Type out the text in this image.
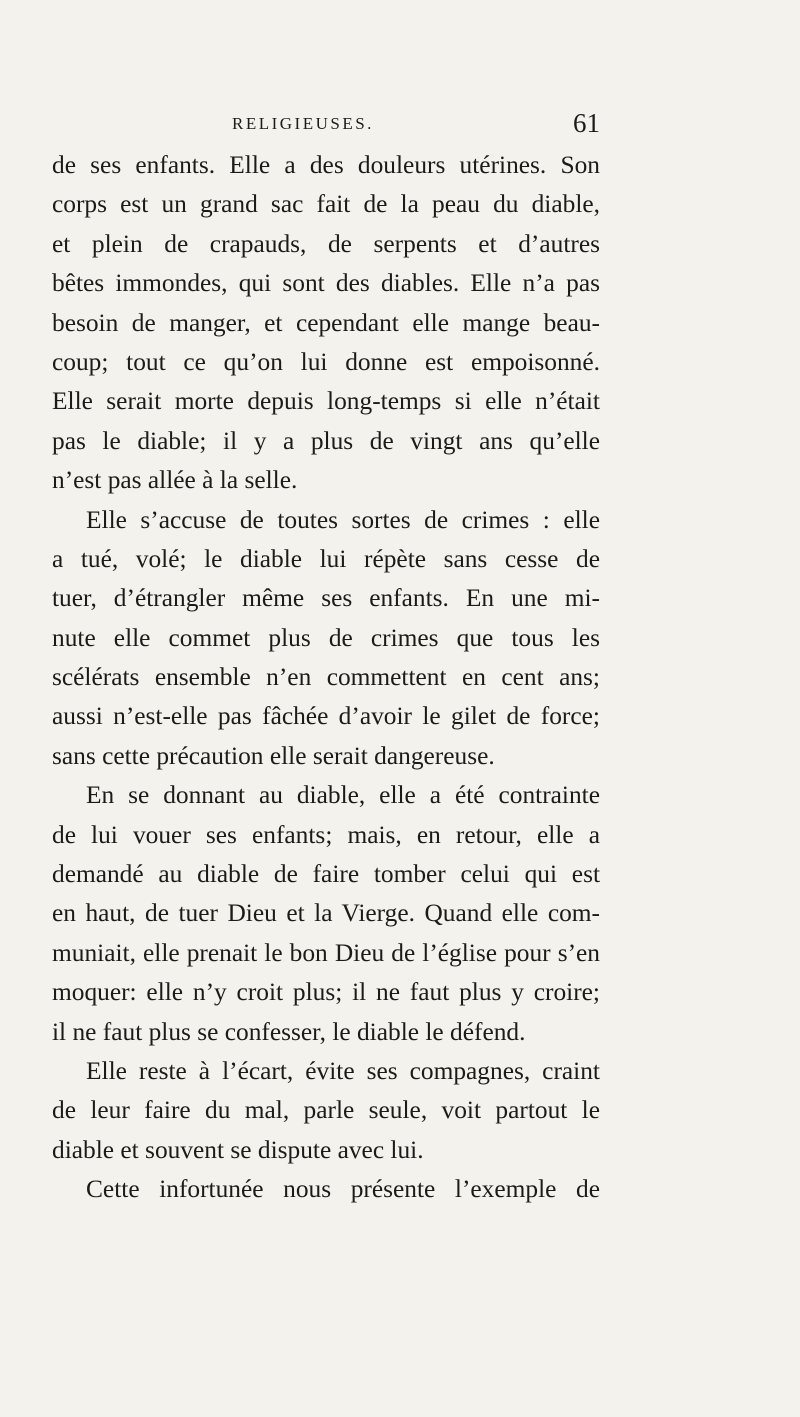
RELIGIEUSES.	61
de ses enfants. Elle a des douleurs utérines. Son
corps est un grand sac fait de la peau du diable,
et plein de crapauds, de serpents et d’autres
bêtes immondes, qui sont des diables. Elle n’a pas
besoin de manger, et cependant elle mange beau-
coup; tout ce qu’on lui donne est empoisonné.
Elle serait morte depuis long-temps si elle n’était
pas le diable; il y a plus de vingt ans qu’elle
n’est pas allée à la selle.
Elle s’accuse de toutes sortes de crimes : elle
a tué, volé; le diable lui répète sans cesse de
tuer, d’étrangler même ses enfants. En une mi-
nute elle commet plus de crimes que tous les
scélérats ensemble n’en commettent en cent ans;
aussi n’est-elle pas fâchée d’avoir le gilet de force;
sans cette précaution elle serait dangereuse.
En se donnant au diable, elle a été contrainte
de lui vouer ses enfants; mais, en retour, elle a
demandé au diable de faire tomber celui qui est
en haut, de tuer Dieu et la Vierge. Quand elle com-
muniait, elle prenait le bon Dieu de l’église pour s’en
moquer: elle n’y croit plus; il ne faut plus y croire;
il ne faut plus se confesser, le diable le défend.
Elle reste à l’écart, évite ses compagnes, craint
de leur faire du mal, parle seule, voit partout le
diable et souvent se dispute avec lui.
Cette infortunée nous présente l’exemple de
